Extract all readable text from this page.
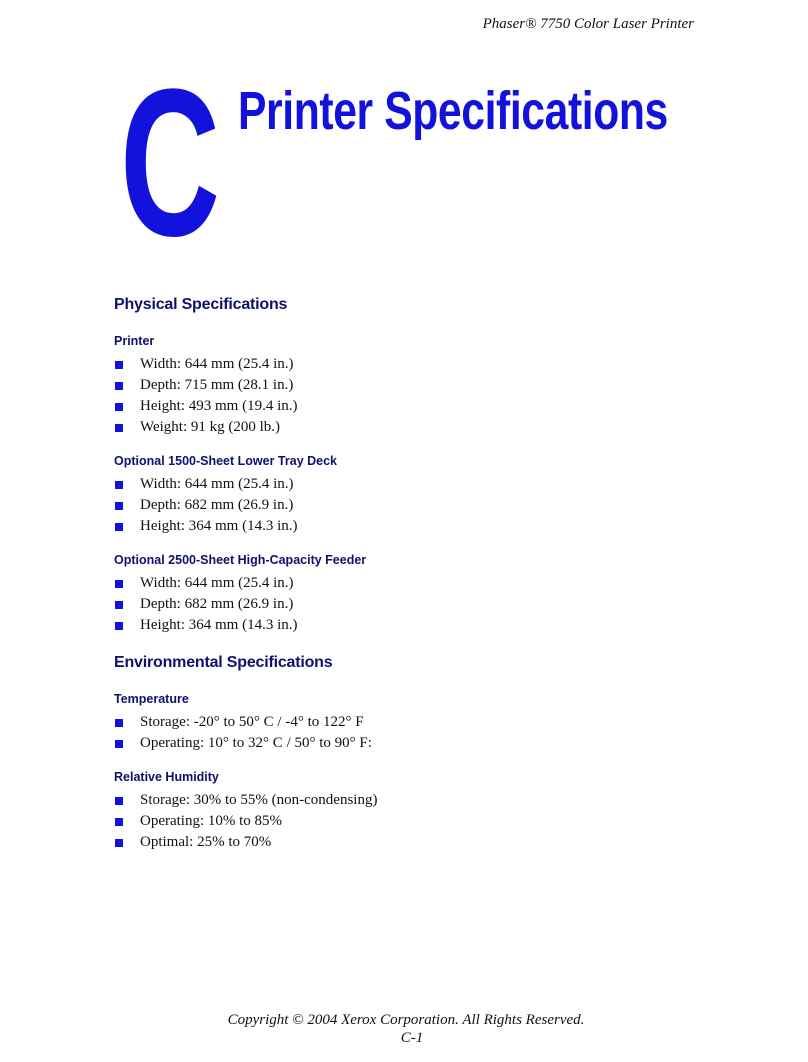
Phaser® 7750 Color Laser Printer
C Printer Specifications
Physical Specifications
Printer
Width: 644 mm (25.4 in.)
Depth: 715 mm (28.1 in.)
Height: 493 mm (19.4 in.)
Weight: 91 kg (200 lb.)
Optional 1500-Sheet Lower Tray Deck
Width: 644 mm (25.4 in.)
Depth: 682 mm (26.9 in.)
Height: 364 mm (14.3 in.)
Optional 2500-Sheet High-Capacity Feeder
Width: 644 mm (25.4 in.)
Depth: 682 mm (26.9 in.)
Height: 364 mm (14.3 in.)
Environmental Specifications
Temperature
Storage: -20° to 50° C / -4° to 122° F
Operating: 10° to 32° C / 50° to 90° F:
Relative Humidity
Storage: 30% to 55% (non-condensing)
Operating: 10% to 85%
Optimal: 25% to 70%
Copyright © 2004 Xerox Corporation. All Rights Reserved.
C-1
